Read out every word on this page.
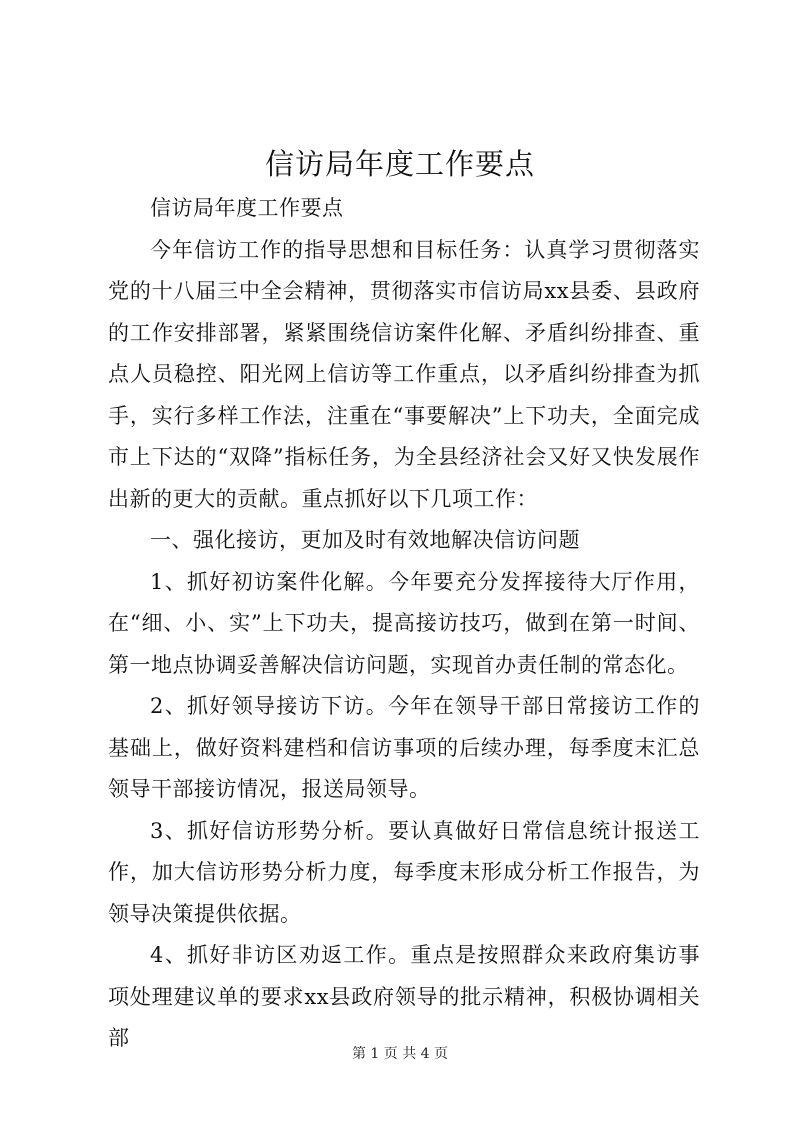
信访局年度工作要点

信访局年度工作要点

今年信访工作的指导思想和目标任务：认真学习贯彻落实党的十八届三中全会精神，贯彻落实市信访局xx县委、县政府的工作安排部署，紧紧围绕信访案件化解、矛盾纠纷排查、重点人员稳控、阳光网上信访等工作重点，以矛盾纠纷排查为抓手，实行多样工作法，注重在“事要解决”上下功夫，全面完成市上下达的“双降”指标任务，为全县经济社会又好又快发展作出新的更大的贡献。重点抓好以下几项工作：

一、强化接访，更加及时有效地解决信访问题

1、抓好初访案件化解。今年要充分发挥接待大厅作用，在“细、小、实”上下功夫，提高接访技巧，做到在第一时间、第一地点协调妥善解决信访问题，实现首办责任制的常态化。

2、抓好领导接访下访。今年在领导干部日常接访工作的基础上，做好资料建档和信访事项的后续办理，每季度末汇总领导干部接访情况，报送局领导。

3、抓好信访形势分析。要认真做好日常信息统计报送工作，加大信访形势分析力度，每季度末形成分析工作报告，为领导决策提供依据。

4、抓好非访区劝返工作。重点是按照群众来政府集访事项处理建议单的要求xx县政府领导的批示精神，积极协调相关部

第 1 页 共 4 页
